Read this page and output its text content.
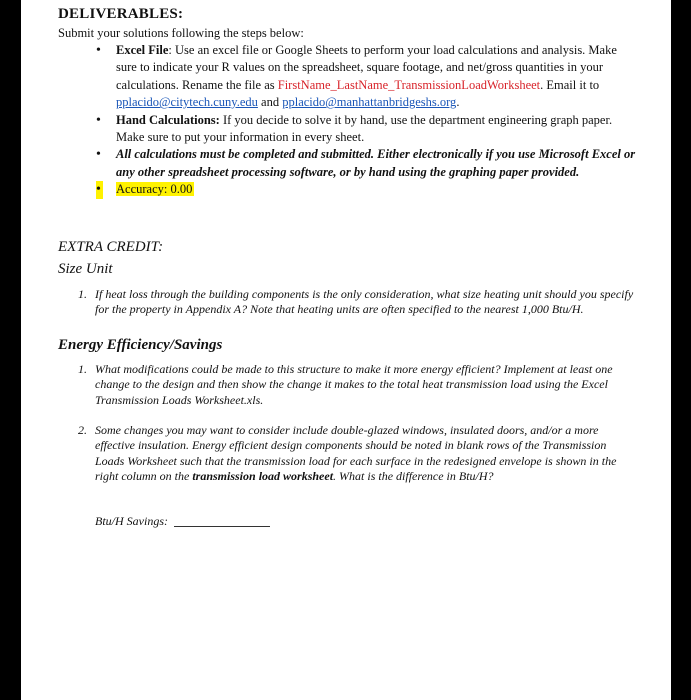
DELIVERABLES:
Submit your solutions following the steps below:
• Excel File: Use an excel file or Google Sheets to perform your load calculations and analysis. Make sure to indicate your R values on the spreadsheet, square footage, and net/gross quantities in your calculations. Rename the file as FirstName_LastName_TransmissionLoadWorksheet. Email it to pplacido@citytech.cuny.edu and pplacido@manhattanbridgeshs.org.
• Hand Calculations: If you decide to solve it by hand, use the department engineering graph paper. Make sure to put your information in every sheet.
• All calculations must be completed and submitted. Either electronically if you use Microsoft Excel or any other spreadsheet processing software, or by hand using the graphing paper provided.
• Accuracy: 0.00
EXTRA CREDIT:
Size Unit
1. If heat loss through the building components is the only consideration, what size heating unit should you specify for the property in Appendix A? Note that heating units are often specified to the nearest 1,000 Btu/H.
Energy Efficiency/Savings
1. What modifications could be made to this structure to make it more energy efficient? Implement at least one change to the design and then show the change it makes to the total heat transmission load using the Excel Transmission Loads Worksheet.xls.
2. Some changes you may want to consider include double-glazed windows, insulated doors, and/or a more effective insulation. Energy efficient design components should be noted in blank rows of the Transmission Loads Worksheet such that the transmission load for each surface in the redesigned envelope is shown in the right column on the transmission load worksheet. What is the difference in Btu/H?
Btu/H Savings:
